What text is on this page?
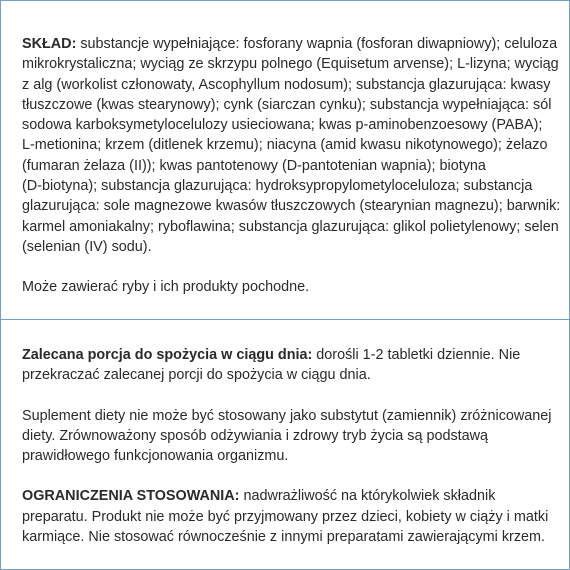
SKŁAD: substancje wypełniające: fosforany wapnia (fosforan diwapniowy); celuloza

mikrokrystaliczna; wyciąg ze skrzypu polnego (Equisetum arvense); L-lizyna; wyciąg

z alg (workolist członowaty, Ascophyllum nodosum); substancja glazurująca: kwasy

tłuszczowe (kwas stearynowy); cynk (siarczan cynku); substancja wypełniająca: sól

sodowa karboksymetylocelulozy usieciowana; kwas p-aminobenzoesowy (PABA);

L-metionina; krzem (ditlenek krzemu); niacyna (amid kwasu nikotynowego); żelazo

(fumaran żelaza (II)); kwas pantotenowy (D-pantotenian wapnia); biotyna

(D-biotyna); substancja glazurująca: hydroksypropylometyloceluloza; substancja

glazurująca: sole magnezowe kwasów tłuszczowych (stearynian magnezu); barwnik:

karmel amoniakalny; ryboflawina; substancja glazurująca: glikol polietylenowy; selen

(selenian (IV) sodu).

Może zawierać ryby i ich produkty pochodne.

Zalecana porcja do spożycia w ciągu dnia: dorośli 1-2 tabletki dziennie. Nie

przekraczać zalecanej porcji do spożycia w ciągu dnia.

Suplement diety nie może być stosowany jako substytut (zamiennik) zróżnicowanej

diety. Zrównoważony sposób odżywiania i zdrowy tryb życia są podstawą

prawidłowego funkcjonowania organizmu.

OGRANICZENIA STOSOWANIA: nadwrażliwość na którykolwiek składnik

preparatu. Produkt nie może być przyjmowany przez dzieci, kobiety w ciąży i matki

karmiące. Nie stosować równocześnie z innymi preparatami zawierającymi krzem.
